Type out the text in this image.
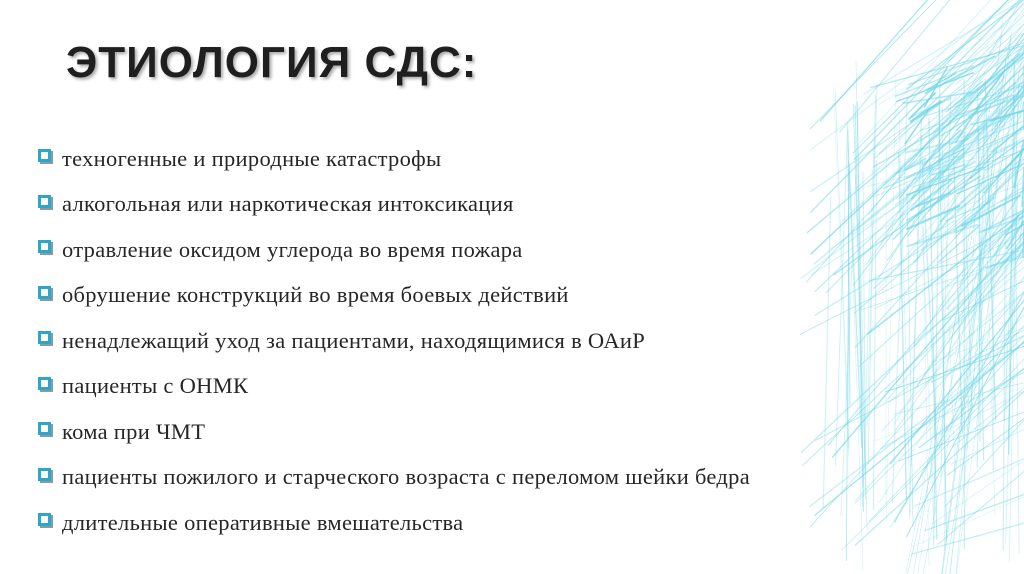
ЭТИОЛОГИЯ СДС:
техногенные и природные катастрофы
алкогольная или наркотическая интоксикация
отравление оксидом углерода во время пожара
обрушение конструкций во время боевых действий
ненадлежащий уход за пациентами, находящимися в ОАиР
пациенты с ОНМК
кома при ЧМТ
пациенты пожилого и старческого возраста с переломом шейки бедра
длительные оперативные вмешательства
